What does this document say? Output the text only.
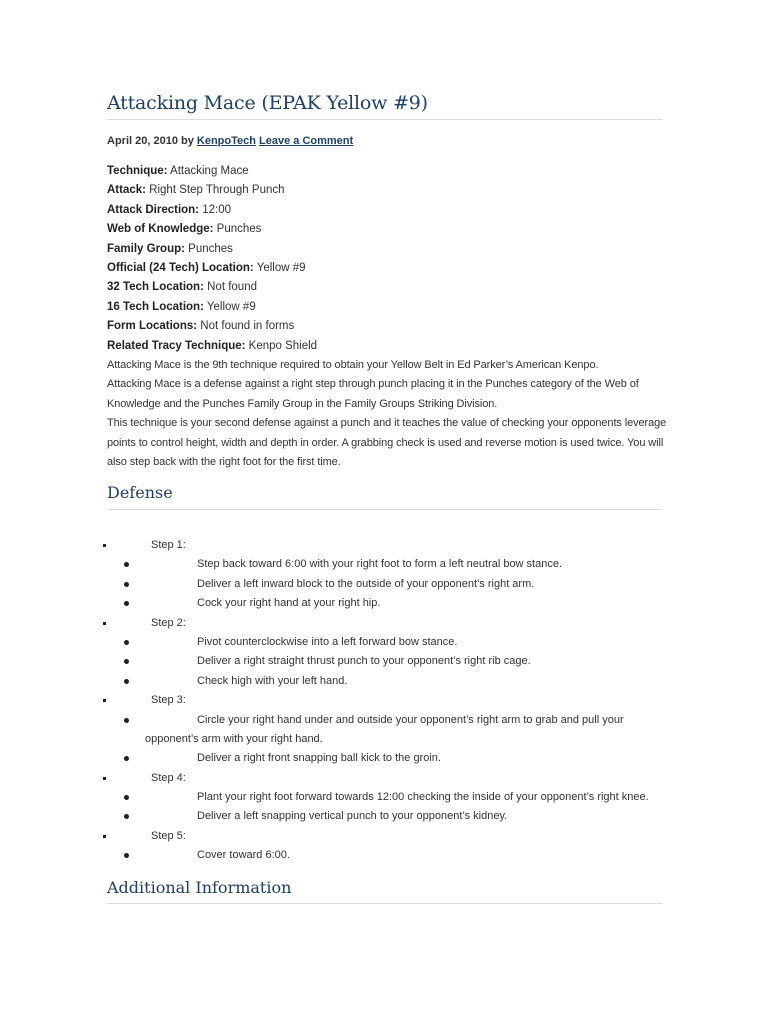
Attacking Mace (EPAK Yellow #9)
April 20, 2010 by KenpoTech Leave a Comment
Technique: Attacking Mace
Attack: Right Step Through Punch
Attack Direction: 12:00
Web of Knowledge: Punches
Family Group: Punches
Official (24 Tech) Location: Yellow #9
32 Tech Location: Not found
16 Tech Location: Yellow #9
Form Locations: Not found in forms
Related Tracy Technique: Kenpo Shield
Attacking Mace is the 9th technique required to obtain your Yellow Belt in Ed Parker’s American Kenpo.
Attacking Mace is a defense against a right step through punch placing it in the Punches category of the Web of Knowledge and the Punches Family Group in the Family Groups Striking Division.
This technique is your second defense against a punch and it teaches the value of checking your opponents leverage points to control height, width and depth in order. A grabbing check is used and reverse motion is used twice. You will also step back with the right foot for the first time.
Defense
Step 1:
Step back toward 6:00 with your right foot to form a left neutral bow stance.
Deliver a left inward block to the outside of your opponent’s right arm.
Cock your right hand at your right hip.
Step 2:
Pivot counterclockwise into a left forward bow stance.
Deliver a right straight thrust punch to your opponent’s right rib cage.
Check high with your left hand.
Step 3:
Circle your right hand under and outside your opponent’s right arm to grab and pull your
opponent’s arm with your right hand.
Deliver a right front snapping ball kick to the groin.
Step 4:
Plant your right foot forward towards 12:00 checking the inside of your opponent’s right knee.
Deliver a left snapping vertical punch to your opponent’s kidney.
Step 5:
Cover toward 6:00.
Additional Information
